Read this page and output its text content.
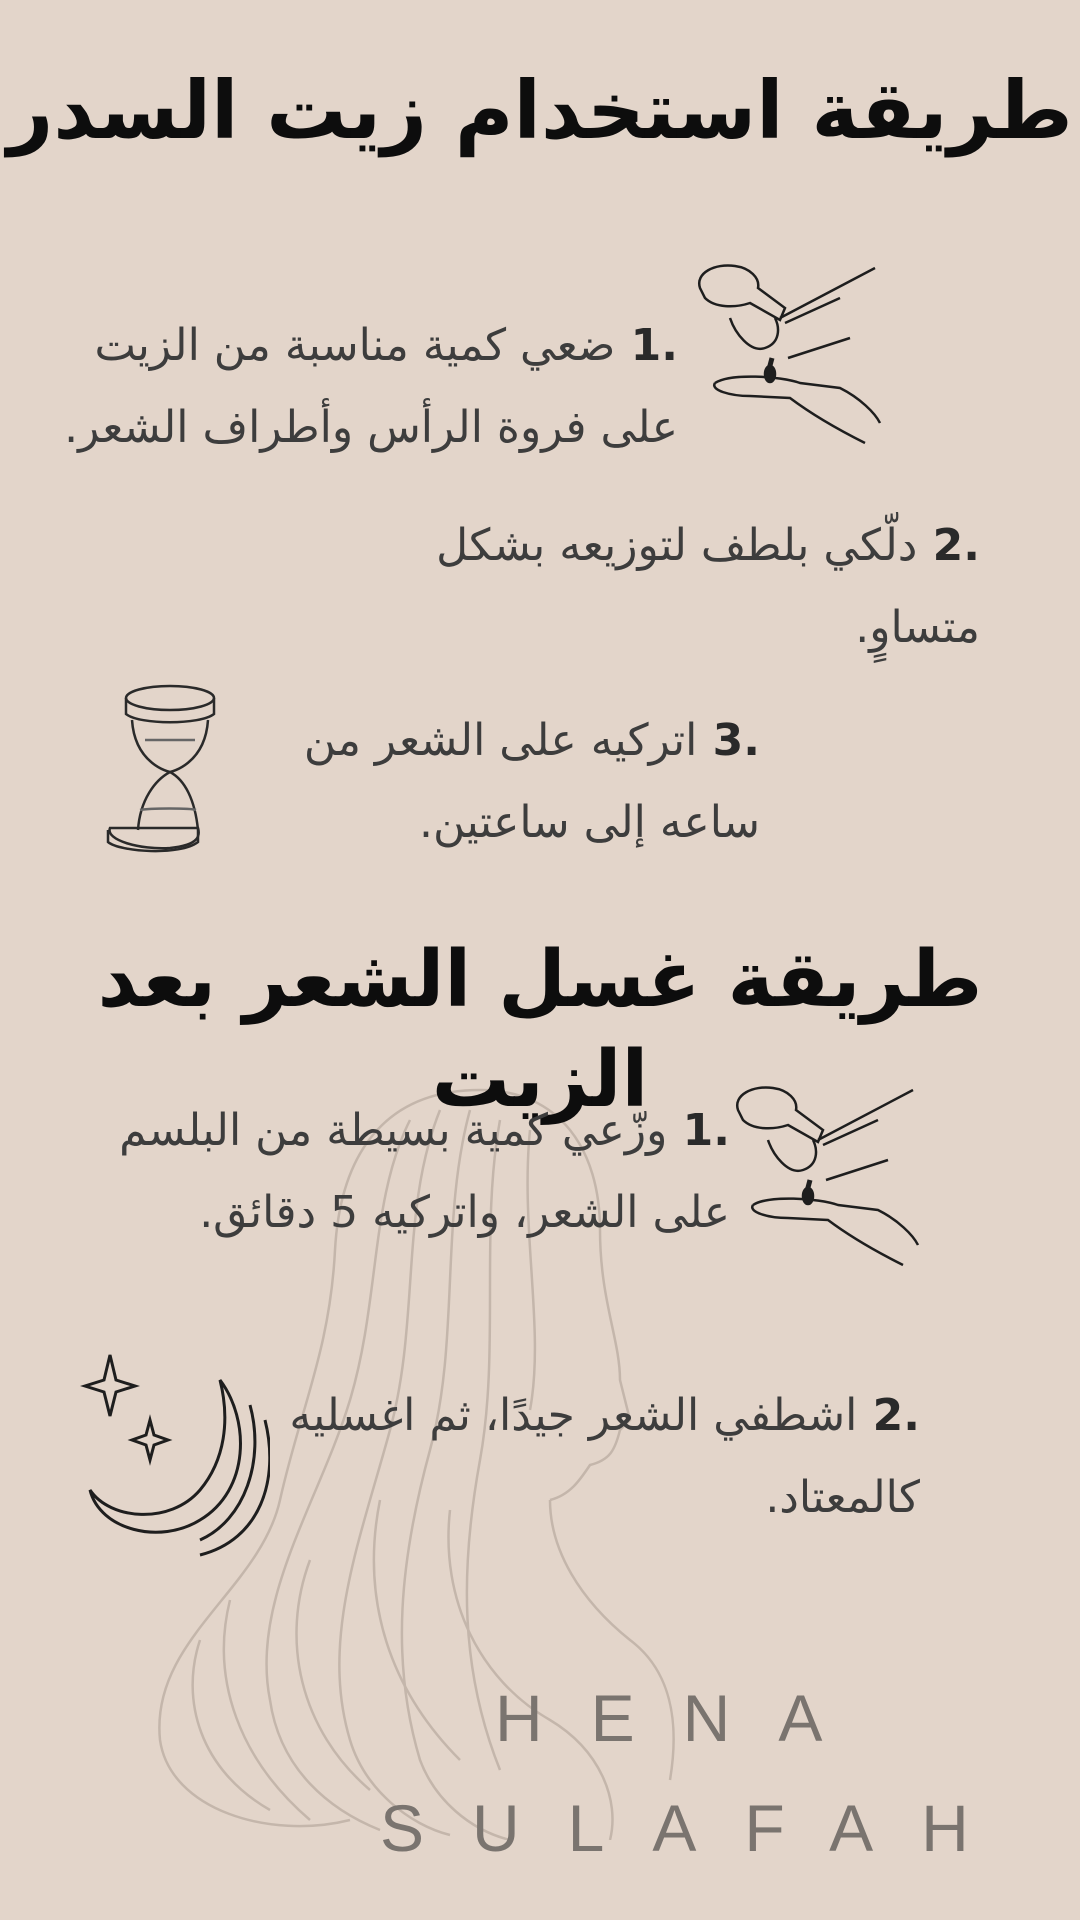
طريقة استخدام زيت السدر

.1ضعي كمية مناسبة من الزيت على فروة الرأس وأطراف الشعر.

.2دلّكي بلطف لتوزيعه بشكل متساوٍ.

.3اتركيه على الشعر من ساعه إلى ساعتين.

طريقة غسل الشعر بعد الزيت

.1وزّعي كمية بسيطة من البلسم على الشعر، واتركيه 5 دقائق.

.2اشطفي الشعر جيدًا، ثم اغسليه كالمعتاد.

HENA
SULAFAH
